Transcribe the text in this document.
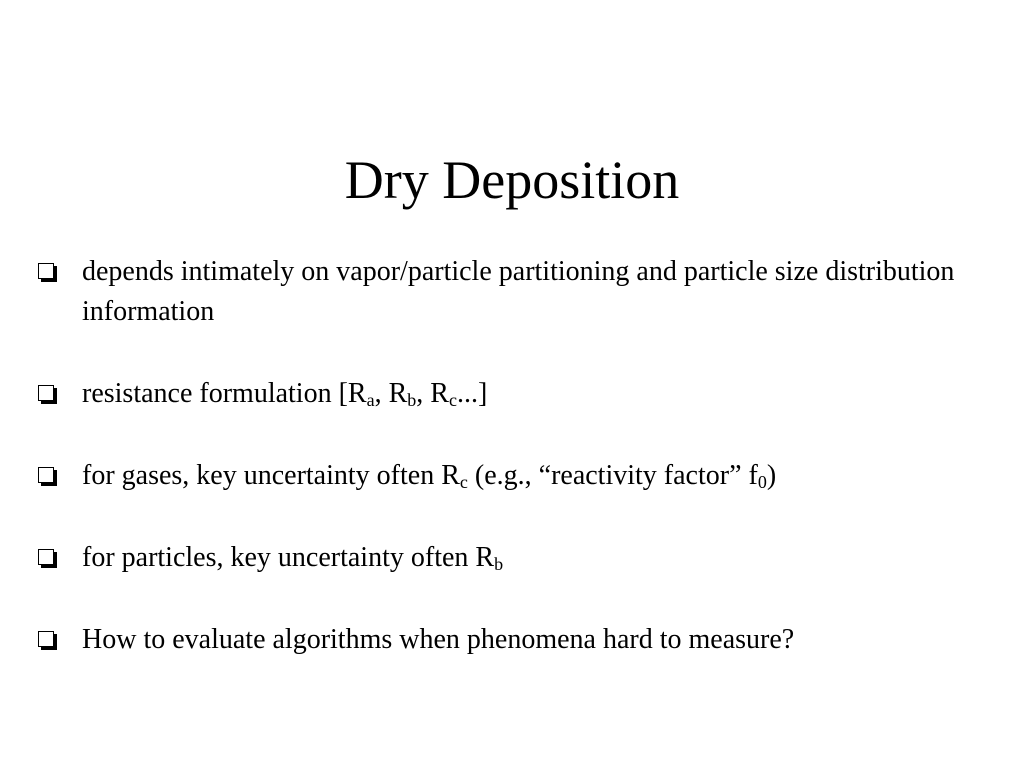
Dry Deposition
depends intimately on vapor/particle partitioning and particle size distribution information
resistance formulation [$R_a$, $R_b$, $R_c$...]
for gases, key uncertainty often $R_c$ (e.g., “reactivity factor” $f_0$)
for particles, key uncertainty often $R_b$
How to evaluate algorithms when phenomena hard to measure?
